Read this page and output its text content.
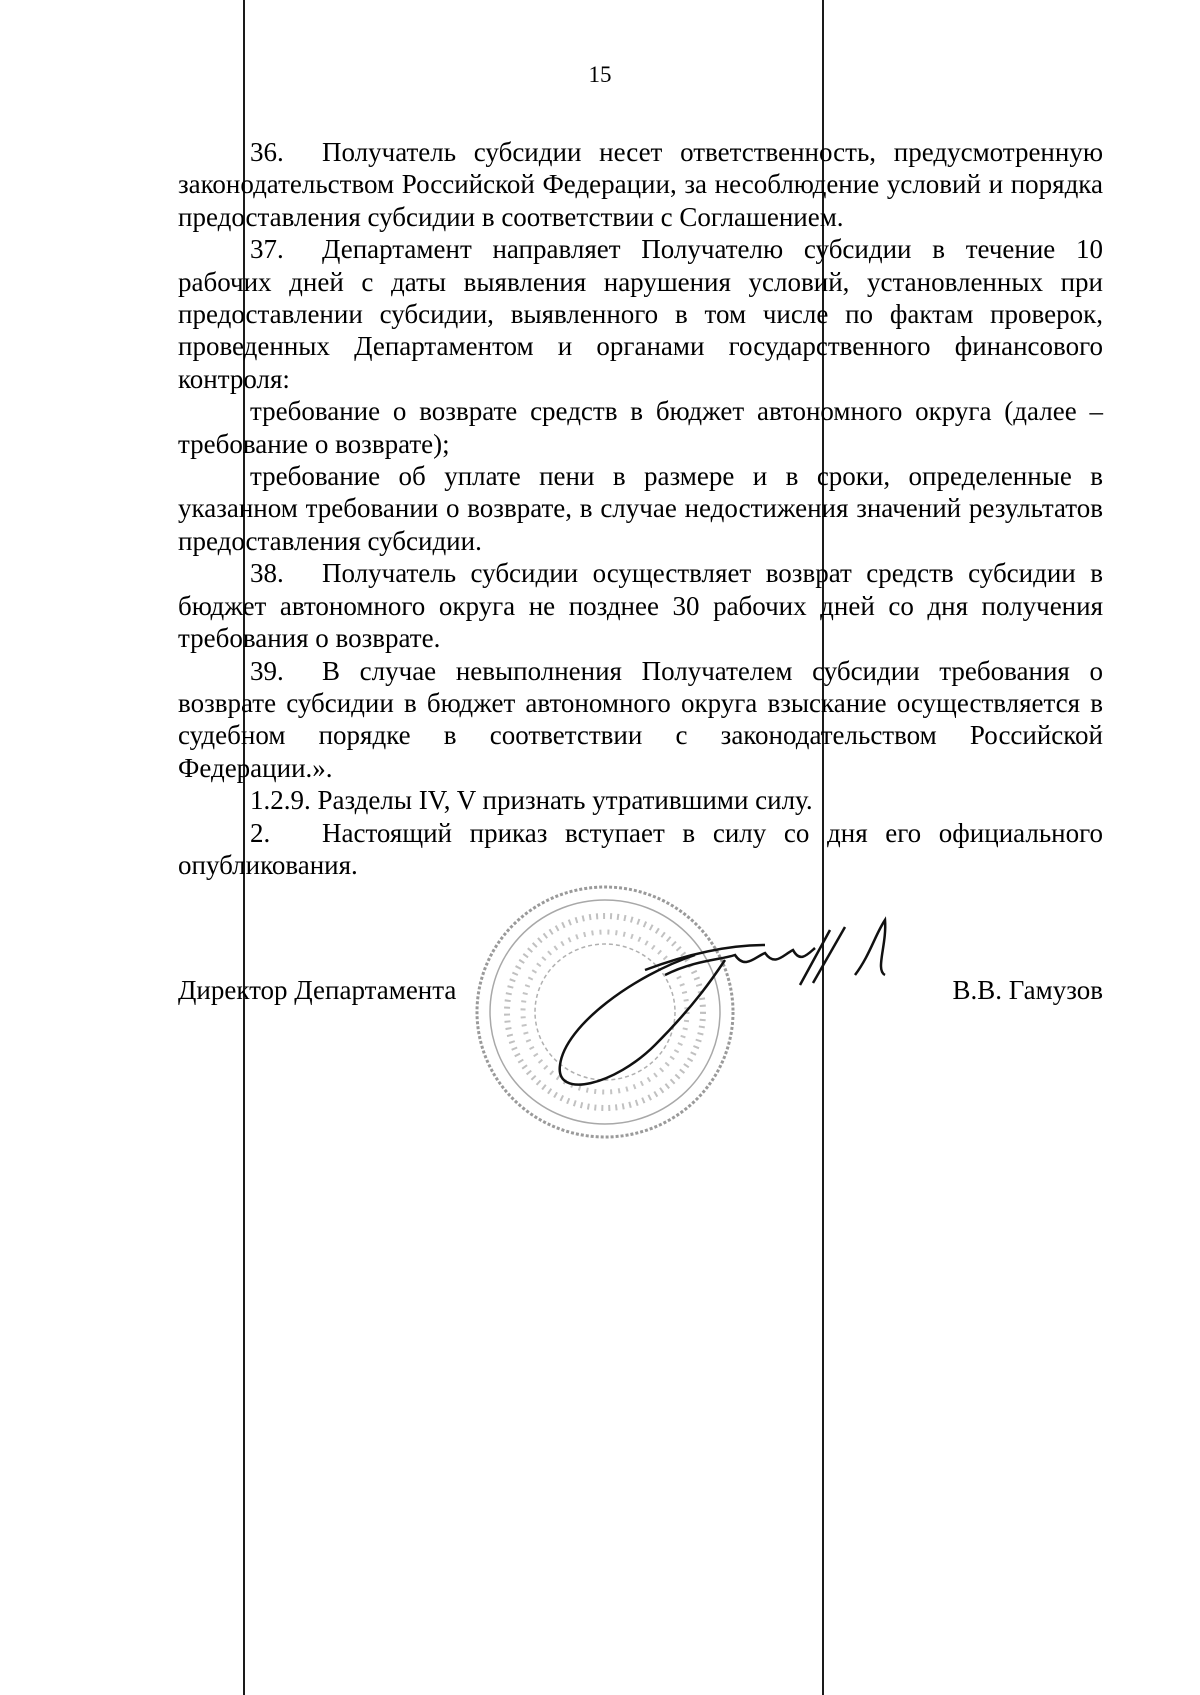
15

36. Получатель субсидии несет ответственность, предусмотренную законодательством Российской Федерации, за несоблюдение условий и порядка предоставления субсидии в соответствии с Соглашением.

37. Департамент направляет Получателю субсидии в течение 10 рабочих дней с даты выявления нарушения условий, установленных при предоставлении субсидии, выявленного в том числе по фактам проверок, проведенных Департаментом и органами государственного финансового контроля:

требование о возврате средств в бюджет автономного округа (далее – требование о возврате);

требование об уплате пени в размере и в сроки, определенные в указанном требовании о возврате, в случае недостижения значений результатов предоставления субсидии.

38. Получатель субсидии осуществляет возврат средств субсидии в бюджет автономного округа не позднее 30 рабочих дней со дня получения требования о возврате.

39. В случае невыполнения Получателем субсидии требования о возврате субсидии в бюджет автономного округа взыскание осуществляется в судебном порядке в соответствии с законодательством Российской Федерации.».

1.2.9. Разделы IV, V признать утратившими силу.

2. Настоящий приказ вступает в силу со дня его официального опубликования.

Директор Департамента	В.В. Гамузов
